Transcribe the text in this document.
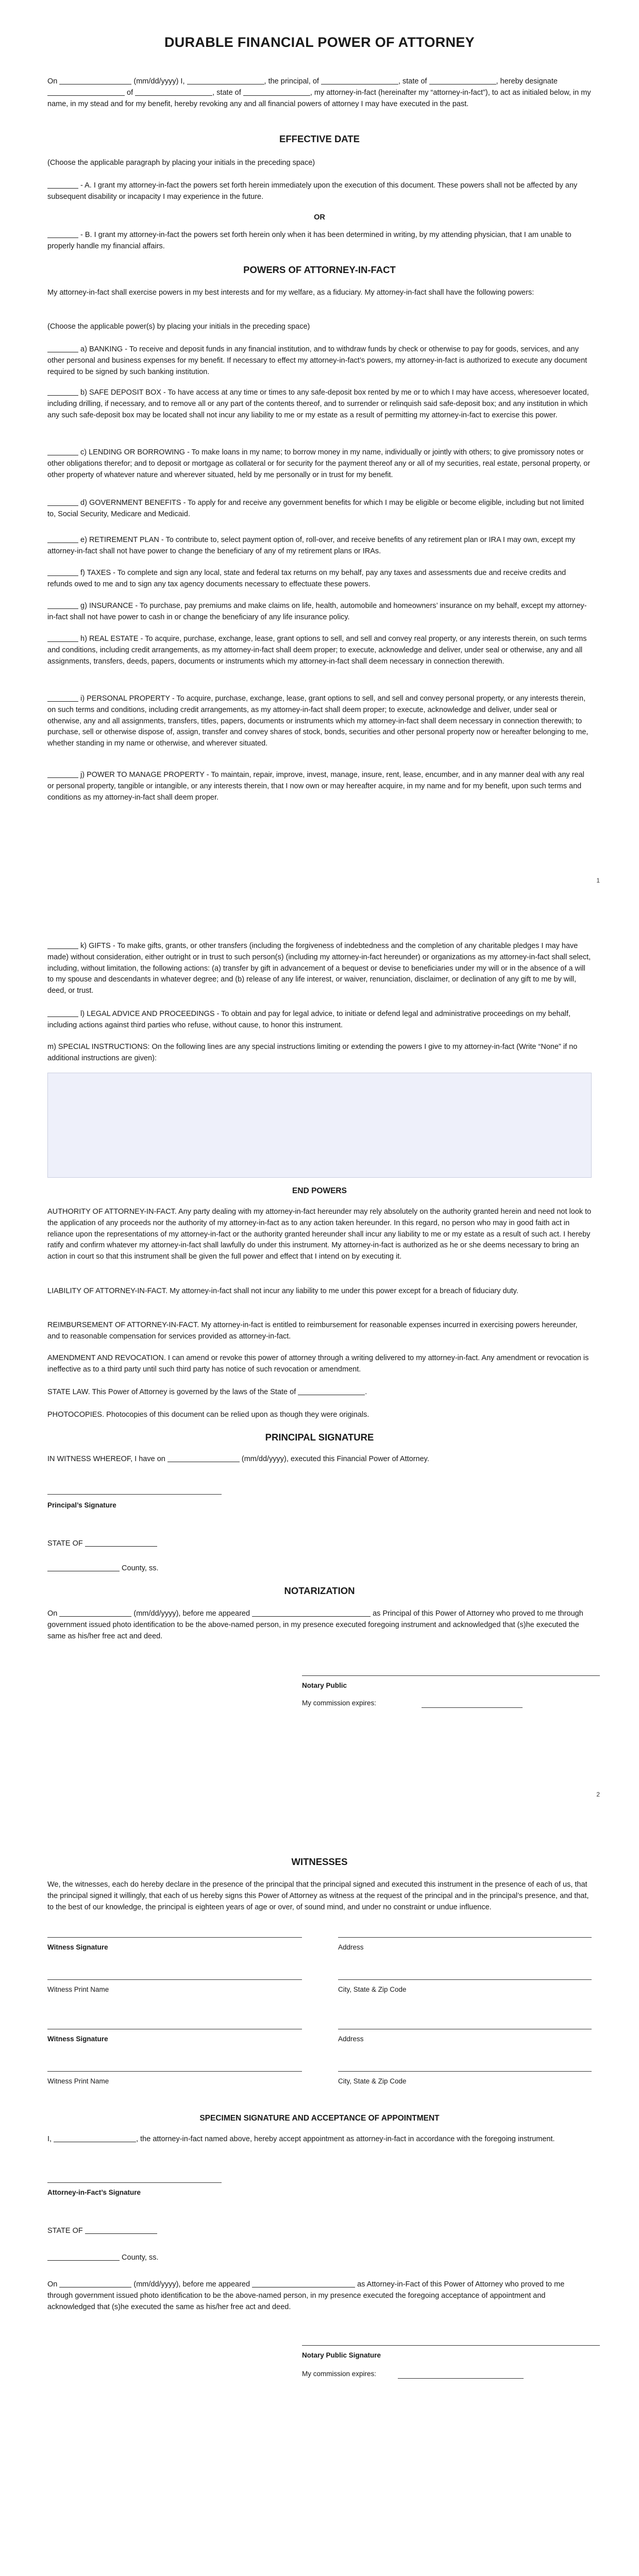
DURABLE FINANCIAL POWER OF ATTORNEY

On	(mm/dd/yyyy) I,	, the principal, of	, state of	, hereby designate  of	, state of	, my attorney-in-fact (hereinafter my “attorney-in-fact”), to act as initialed below, in my name, in my stead and for my benefit, hereby revoking any and all financial powers of attorney I may have executed in the past.

EFFECTIVE DATE

(Choose the applicable paragraph by placing your initials in the preceding space)

- A. I grant my attorney-in-fact the powers set forth herein immediately upon the execution of this document. These powers shall not be affected by any subsequent disability or incapacity I may experience in the future.

OR

- B. I grant my attorney-in-fact the powers set forth herein only when it has been determined in writing, by my attending physician, that I am unable to properly handle my financial affairs.

POWERS OF ATTORNEY-IN-FACT

My attorney-in-fact shall exercise powers in my best interests and for my welfare, as a fiduciary. My attorney-in-fact shall have the following powers:

(Choose the applicable power(s) by placing your initials in the preceding space)

a) BANKING - To receive and deposit funds in any financial institution, and to withdraw funds by check or otherwise to pay for goods, services, and any other personal and business expenses for my benefit. If necessary to effect my attorney-in-fact’s powers, my attorney-in-fact is authorized to execute any document required to be signed by such banking institution.

b) SAFE DEPOSIT BOX - To have access at any time or times to any safe-deposit box rented by me or to which I may have access, wheresoever located, including drilling, if necessary, and to remove all or any part of the contents thereof, and to surrender or relinquish said safe-deposit box; and any institution in which any such safe-deposit box may be located shall not incur any liability to me or my estate as a result of permitting my attorney-in-fact to exercise this power.

c) LENDING OR BORROWING - To make loans in my name; to borrow money in my name, individually or jointly with others; to give promissory notes or other obligations therefor; and to deposit or mortgage as collateral or for security for the payment thereof any or all of my securities, real estate, personal property, or other property of whatever nature and wherever situated, held by me personally or in trust for my benefit.

d) GOVERNMENT BENEFITS - To apply for and receive any government benefits for which I may be eligible or become eligible, including but not limited to, Social Security, Medicare and Medicaid.

e) RETIREMENT PLAN - To contribute to, select payment option of, roll-over, and receive benefits of any retirement plan or IRA I may own, except my attorney-in-fact shall not have power to change the beneficiary of any of my retirement plans or IRAs.

f) TAXES - To complete and sign any local, state and federal tax returns on my behalf, pay any taxes and assessments due and receive credits and refunds owed to me and to sign any tax agency documents necessary to effectuate these powers.

g) INSURANCE - To purchase, pay premiums and make claims on life, health, automobile and homeowners’ insurance on my behalf, except my attorney-in-fact shall not have power to cash in or change the beneficiary of any life insurance policy.

h) REAL ESTATE - To acquire, purchase, exchange, lease, grant options to sell, and sell and convey real property, or any interests therein, on such terms and conditions, including credit arrangements, as my attorney-in-fact shall deem proper; to execute, acknowledge and deliver, under seal or otherwise, any and all assignments, transfers, deeds, papers, documents or instruments which my attorney-in-fact shall deem necessary in connection therewith.

i) PERSONAL PROPERTY - To acquire, purchase, exchange, lease, grant options to sell, and sell and convey personal property, or any interests therein, on such terms and conditions, including credit arrangements, as my attorney-in-fact shall deem proper; to execute, acknowledge and deliver, under seal or otherwise, any and all assignments, transfers, titles, papers, documents or instruments which my attorney-in-fact shall deem necessary in connection therewith; to purchase, sell or otherwise dispose of, assign, transfer and convey shares of stock, bonds, securities and other personal property now or hereafter belonging to me, whether standing in my name or otherwise, and wherever situated.

j) POWER TO MANAGE PROPERTY - To maintain, repair, improve, invest, manage, insure, rent, lease, encumber, and in any manner deal with any real or personal property, tangible or intangible, or any interests therein, that I now own or may hereafter acquire, in my name and for my benefit, upon such terms and conditions as my attorney-in-fact shall deem proper.

1

k) GIFTS - To make gifts, grants, or other transfers (including the forgiveness of indebtedness and the completion of any charitable pledges I may have made) without consideration, either outright or in trust to such person(s) (including my attorney-in-fact hereunder) or organizations as my attorney-in-fact shall select, including, without limitation, the following actions: (a) transfer by gift in advancement of a bequest or devise to beneficiaries under my will or in the absence of a will to my spouse and descendants in whatever degree; and (b) release of any life interest, or waiver, renunciation, disclaimer, or declination of any gift to me by will, deed, or trust.

l) LEGAL ADVICE AND PROCEEDINGS - To obtain and pay for legal advice, to initiate or defend legal and administrative proceedings on my behalf, including actions against third parties who refuse, without cause, to honor this instrument.

m) SPECIAL INSTRUCTIONS: On the following lines are any special instructions limiting or extending the powers I give to my attorney-in-fact (Write “None” if no additional instructions are given):

END POWERS

AUTHORITY OF ATTORNEY-IN-FACT. Any party dealing with my attorney-in-fact hereunder may rely absolutely on the authority granted herein and need not look to the application of any proceeds nor the authority of my attorney-in-fact as to any action taken hereunder. In this regard, no person who may in good faith act in reliance upon the representations of my attorney-in-fact or the authority granted hereunder shall incur any liability to me or my estate as a result of such act. I hereby ratify and confirm whatever my attorney-in-fact shall lawfully do under this instrument. My attorney-in-fact is authorized as he or she deems necessary to bring an action in court so that this instrument shall be given the full power and effect that I intend on by executing it.

LIABILITY OF ATTORNEY-IN-FACT. My attorney-in-fact shall not incur any liability to me under this power except for a breach of fiduciary duty.

REIMBURSEMENT OF ATTORNEY-IN-FACT. My attorney-in-fact is entitled to reimbursement for reasonable expenses incurred in exercising powers hereunder, and to reasonable compensation for services provided as attorney-in-fact.

AMENDMENT AND REVOCATION. I can amend or revoke this power of attorney through a writing delivered to my attorney-in-fact. Any amendment or revocation is ineffective as to a third party until such third party has notice of such revocation or amendment.

STATE LAW. This Power of Attorney is governed by the laws of the State of	.

PHOTOCOPIES. Photocopies of this document can be relied upon as though they were originals.

PRINCIPAL SIGNATURE

IN WITNESS WHEREOF, I have on	(mm/dd/yyyy), executed this Financial Power of Attorney.

Principal’s Signature

STATE OF

County, ss.

NOTARIZATION

On	(mm/dd/yyyy), before me appeared	as Principal of this Power of Attorney who proved to me through government issued photo identification to be the above-named person, in my presence executed foregoing instrument and acknowledged that (s)he executed the same as his/her free act and deed.

Notary Public
My commission expires:
2
WITNESSES

We, the witnesses, each do hereby declare in the presence of the principal that the principal signed and executed this instrument in the presence of each of us, that the principal signed it willingly, that each of us hereby signs this Power of Attorney as witness at the request of the principal and in the principal’s presence, and that, to the best of our knowledge, the principal is eighteen years of age or over, of sound mind, and under no constraint or undue influence.

Witness Signature	Address
Witness Print Name	City, State & Zip Code
Witness Signature	Address
Witness Print Name	City, State & Zip Code
SPECIMEN SIGNATURE AND ACCEPTANCE OF APPOINTMENT

I,	, the attorney-in-fact named above, hereby accept appointment as attorney-in-fact in accordance with the foregoing instrument.

Attorney-in-Fact’s Signature

STATE OF

County, ss.

On	(mm/dd/yyyy), before me appeared	as Attorney-in-Fact of this Power of Attorney who proved to me through government issued photo identification to be the above-named person, in my presence executed the foregoing acceptance of appointment and acknowledged that (s)he executed the same as his/her free act and deed.

Notary Public Signature
My commission expires:
